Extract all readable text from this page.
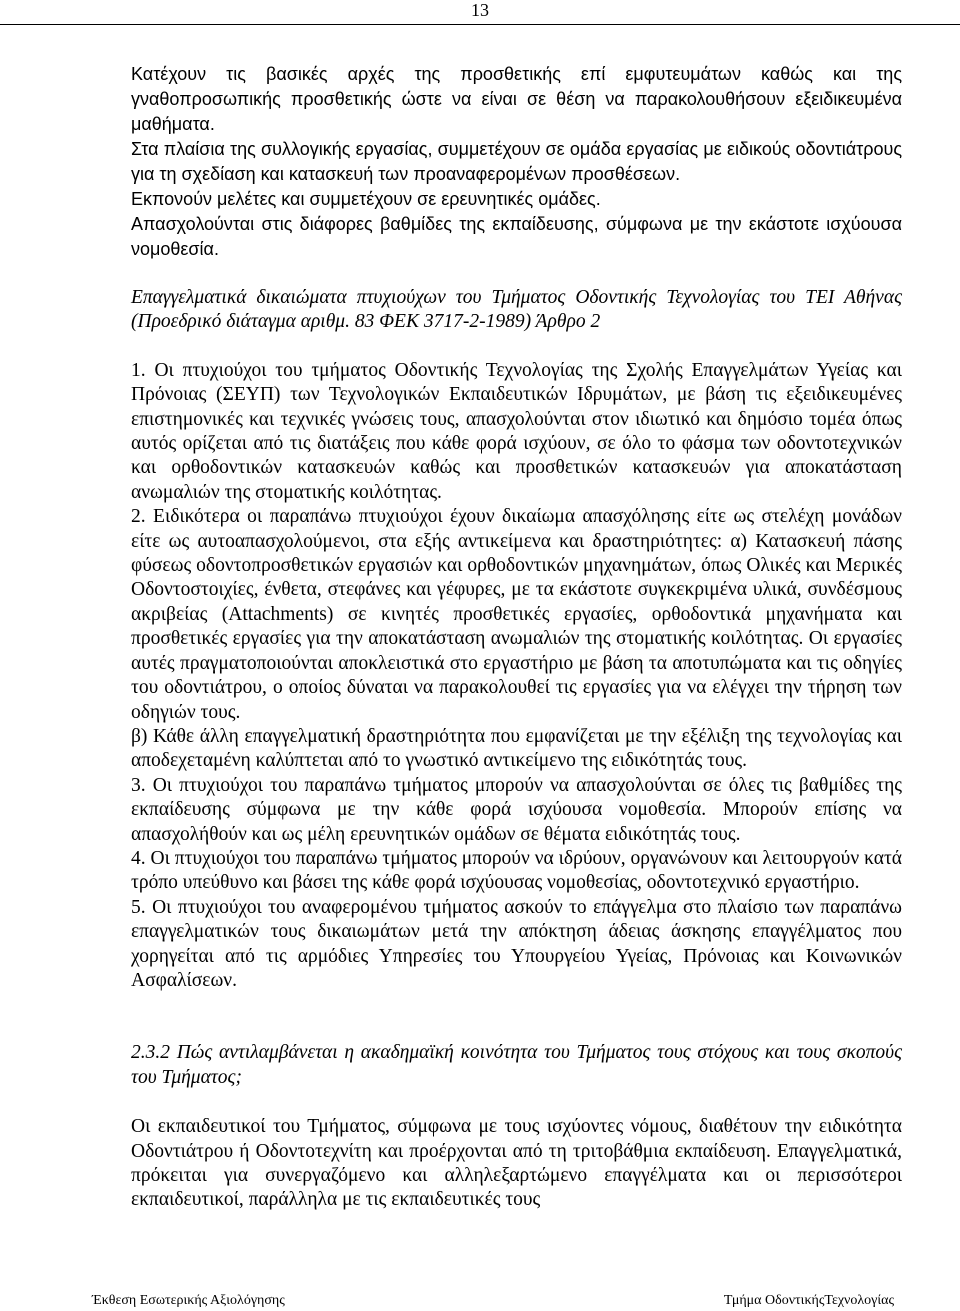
13

Κατέχουν τις βασικές αρχές της προσθετικής επί εμφυτευμάτων καθώς και της γναθοπροσωπικής προσθετικής ώστε να είναι σε θέση να παρακολουθήσουν εξειδικευμένα μαθήματα.

Στα πλαίσια της συλλογικής εργασίας, συμμετέχουν σε ομάδα εργασίας με ειδικούς οδοντιάτρους για τη σχεδίαση και κατασκευή των προαναφερομένων προσθέσεων.

Εκπονούν μελέτες και συμμετέχουν σε ερευνητικές ομάδες.

Απασχολούνται στις διάφορες βαθμίδες της εκπαίδευσης, σύμφωνα με την εκάστοτε ισχύουσα νομοθεσία.

Επαγγελματικά δικαιώματα πτυχιούχων του Τμήματος Οδοντικής Τεχνολογίας του ΤΕΙ Αθήνας (Προεδρικό διάταγμα αριθμ. 83 ΦΕΚ 3717-2-1989) Άρθρο 2

1. Οι πτυχιούχοι του τμήματος Οδοντικής Τεχνολογίας της Σχολής Επαγγελμάτων Υγείας και Πρόνοιας (ΣΕΥΠ) των Τεχνολογικών Εκπαιδευτικών Ιδρυμάτων, με βάση τις εξειδικευμένες επιστημονικές και τεχνικές γνώσεις τους, απασχολούνται στον ιδιωτικό και δημόσιο τομέα όπως αυτός ορίζεται από τις διατάξεις που κάθε φορά ισχύουν, σε όλο το φάσμα των οδοντοτεχνικών και ορθοδοντικών κατασκευών καθώς και προσθετικών κατασκευών για αποκατάσταση ανωμαλιών της στοματικής κοιλότητας.

2. Ειδικότερα οι παραπάνω πτυχιούχοι έχουν δικαίωμα απασχόλησης είτε ως στελέχη μονάδων είτε ως αυτοαπασχολούμενοι, στα εξής αντικείμενα και δραστηριότητες: α) Κατασκευή πάσης φύσεως οδοντοπροσθετικών εργασιών και ορθοδοντικών μηχανημάτων, όπως Ολικές και Μερικές Οδοντοστοιχίες, ένθετα, στεφάνες και γέφυρες, με τα εκάστοτε συγκεκριμένα υλικά, συνδέσμους ακριβείας (Attachments) σε κινητές προσθετικές εργασίες, ορθοδοντικά μηχανήματα και προσθετικές εργασίες για την αποκατάσταση ανωμαλιών της στοματικής κοιλότητας. Οι εργασίες αυτές πραγματοποιούνται αποκλειστικά στο εργαστήριο με βάση τα αποτυπώματα και τις οδηγίες του οδοντιάτρου, ο οποίος δύναται να παρακολουθεί τις εργασίες για να ελέγχει την τήρηση των οδηγιών τους.

β) Κάθε άλλη επαγγελματική δραστηριότητα που εμφανίζεται με την εξέλιξη της τεχνολογίας και αποδεχεταμένη καλύπτεται από το γνωστικό αντικείμενο της ειδικότητάς τους.

3. Οι πτυχιούχοι του παραπάνω τμήματος μπορούν να απασχολούνται σε όλες τις βαθμίδες της εκπαίδευσης σύμφωνα με την κάθε φορά ισχύουσα νομοθεσία. Μπορούν επίσης να απασχολήθούν και ως μέλη ερευνητικών ομάδων σε θέματα ειδικότητάς τους.

4. Οι πτυχιούχοι του παραπάνω τμήματος μπορούν να ιδρύουν, οργανώνουν και λειτουργούν κατά τρόπο υπεύθυνο και βάσει της κάθε φορά ισχύουσας νομοθεσίας, οδοντοτεχνικό εργαστήριο.

5. Οι πτυχιούχοι του αναφερομένου τμήματος ασκούν το επάγγελμα στο πλαίσιο των παραπάνω επαγγελματικών τους δικαιωμάτων μετά την απόκτηση άδειας άσκησης επαγγέλματος που χορηγείται από τις αρμόδιες Υπηρεσίες του Υπουργείου Υγείας, Πρόνοιας και Κοινωνικών Ασφαλίσεων.

2.3.2 Πώς αντιλαμβάνεται η ακαδημαϊκή κοινότητα του Τμήματος τους στόχους και τους σκοπούς του Τμήματος;

Οι εκπαιδευτικοί του Τμήματος, σύμφωνα με τους ισχύοντες νόμους, διαθέτουν την ειδικότητα Οδοντιάτρου ή Οδοντοτεχνίτη και προέρχονται από τη τριτοβάθμια εκπαίδευση. Επαγγελματικά, πρόκειται για συνεργαζόμενο και αλληλεξαρτώμενο επαγγέλματα και οι περισσότεροι εκπαιδευτικοί, παράλληλα με τις εκπαιδευτικές τους

Έκθεση Εσωτερικής Αξιολόγησης	Τμήμα ΟδοντικήςΤεχνολογίας
